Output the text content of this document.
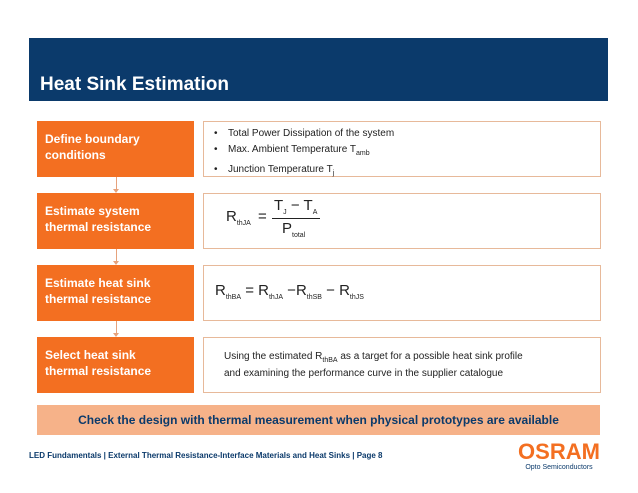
Heat Sink Estimation
Define boundary
conditions
Estimate system
thermal resistance
Estimate heat sink
thermal resistance
Select heat sink
thermal resistance
• Total Power Dissipation of the system
• Max. Ambient Temperature $T_{amb}$
• Junction Temperature $T_j$
$R_{thJA}$ =
$T_J - T_A$
$P_{total}$
$R_{thBA} = R_{thJA} -R_{thSB} - R_{thJS}$
Using the estimated $R_{thBA}$ as a target for a possible heat sink profile
and examining the performance curve in the supplier catalogue
Check the design with thermal measurement when physical prototypes are available
LED Fundamentals | External Thermal Resistance-Interface Materials and Heat Sinks | Page 8	OSRAM
Opto Semiconductors
